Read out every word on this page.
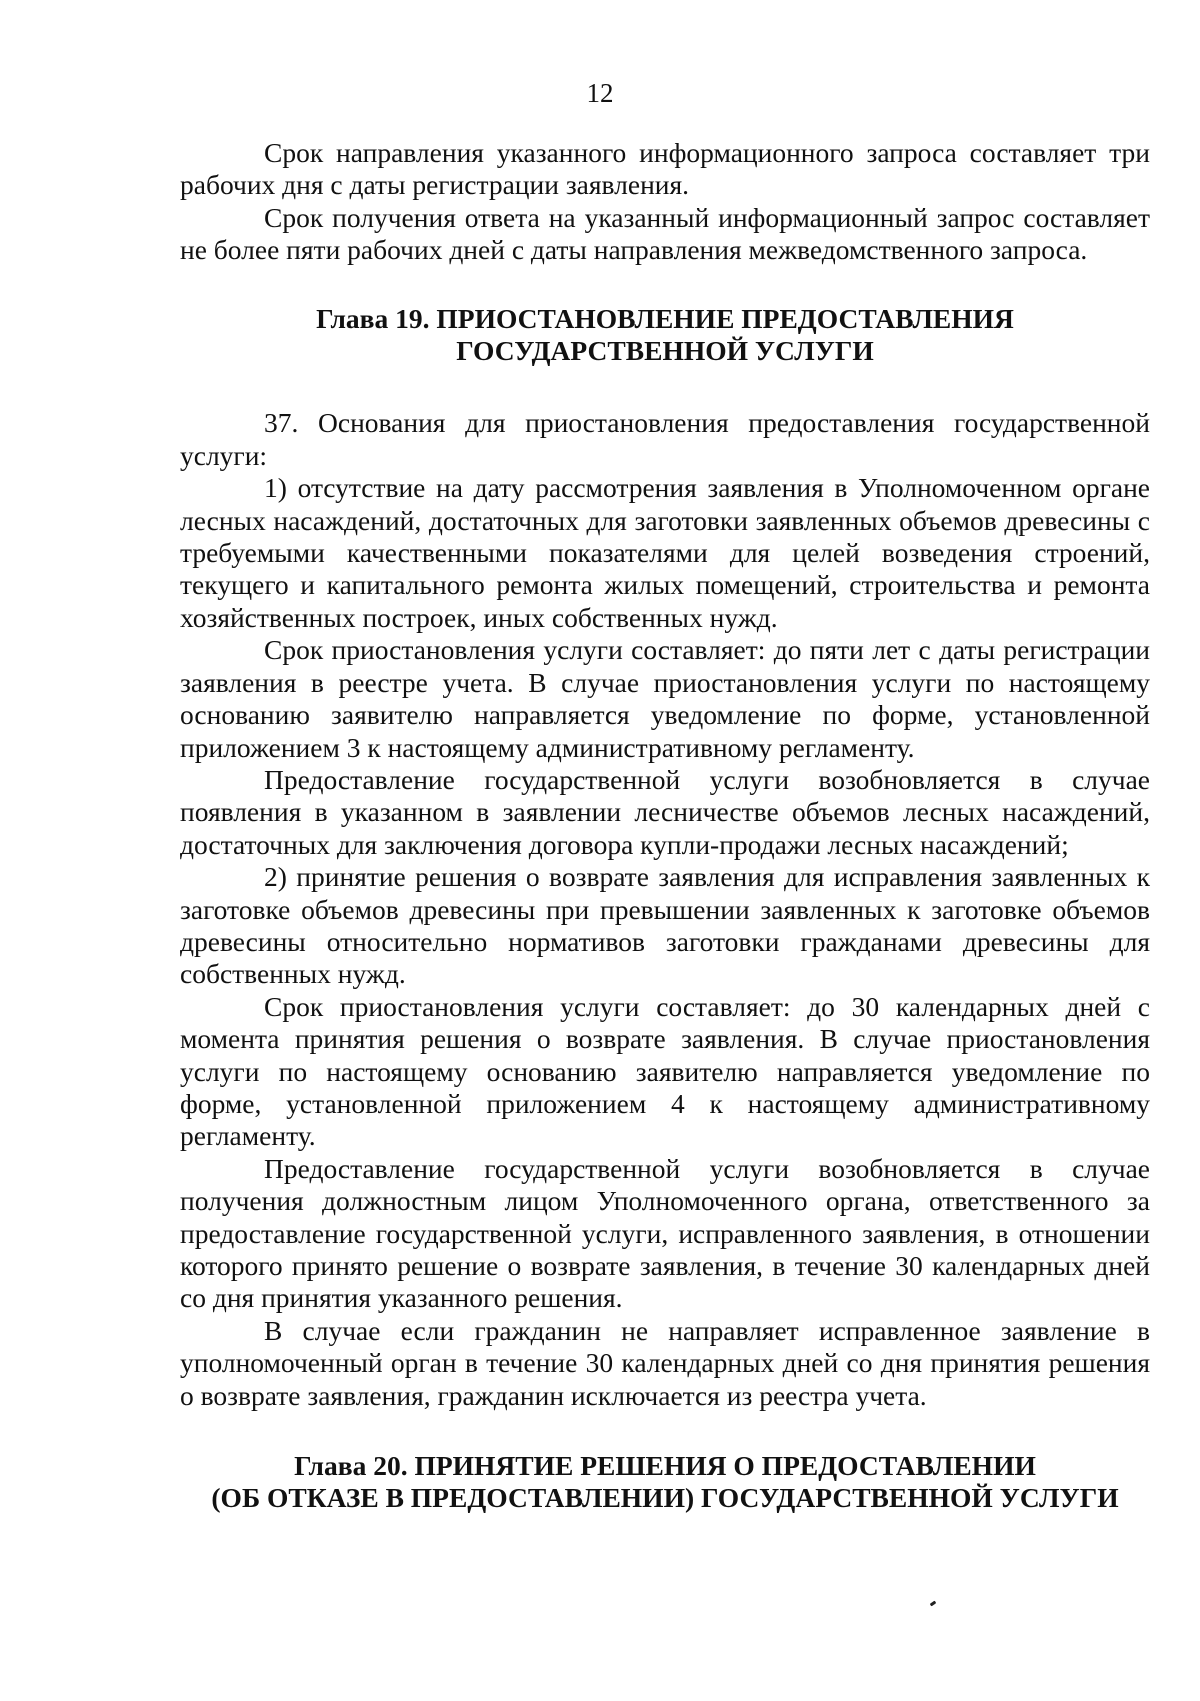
12

Срок направления указанного информационного запроса составляет три рабочих дня с даты регистрации заявления.

Срок получения ответа на указанный информационный запрос составляет не более пяти рабочих дней с даты направления межведомственного запроса.

Глава 19. ПРИОСТАНОВЛЕНИЕ ПРЕДОСТАВЛЕНИЯ
ГОСУДАРСТВЕННОЙ УСЛУГИ

37. Основания для приостановления предоставления государственной услуги:

1) отсутствие на дату рассмотрения заявления в Уполномоченном органе лесных насаждений, достаточных для заготовки заявленных объемов древесины с требуемыми качественными показателями для целей возведения строений, текущего и капитального ремонта жилых помещений, строительства и ремонта хозяйственных построек, иных собственных нужд.

Срок приостановления услуги составляет: до пяти лет с даты регистрации заявления в реестре учета. В случае приостановления услуги по настоящему основанию заявителю направляется уведомление по форме, установленной приложением 3 к настоящему административному регламенту.

Предоставление государственной услуги возобновляется в случае появления в указанном в заявлении лесничестве объемов лесных насаждений, достаточных для заключения договора купли-продажи лесных насаждений;

2) принятие решения о возврате заявления для исправления заявленных к заготовке объемов древесины при превышении заявленных к заготовке объемов древесины относительно нормативов заготовки гражданами древесины для собственных нужд.

Срок приостановления услуги составляет: до 30 календарных дней с момента принятия решения о возврате заявления. В случае приостановления услуги по настоящему основанию заявителю направляется уведомление по форме, установленной приложением 4 к настоящему административному регламенту.

Предоставление государственной услуги возобновляется в случае получения должностным лицом Уполномоченного органа, ответственного за предоставление государственной услуги, исправленного заявления, в отношении которого принято решение о возврате заявления, в течение 30 календарных дней со дня принятия указанного решения.

В случае если гражданин не направляет исправленное заявление в уполномоченный орган в течение 30 календарных дней со дня принятия решения о возврате заявления, гражданин исключается из реестра учета.

Глава 20. ПРИНЯТИЕ РЕШЕНИЯ О ПРЕДОСТАВЛЕНИИ
(ОБ ОТКАЗЕ В ПРЕДОСТАВЛЕНИИ) ГОСУДАРСТВЕННОЙ УСЛУГИ
